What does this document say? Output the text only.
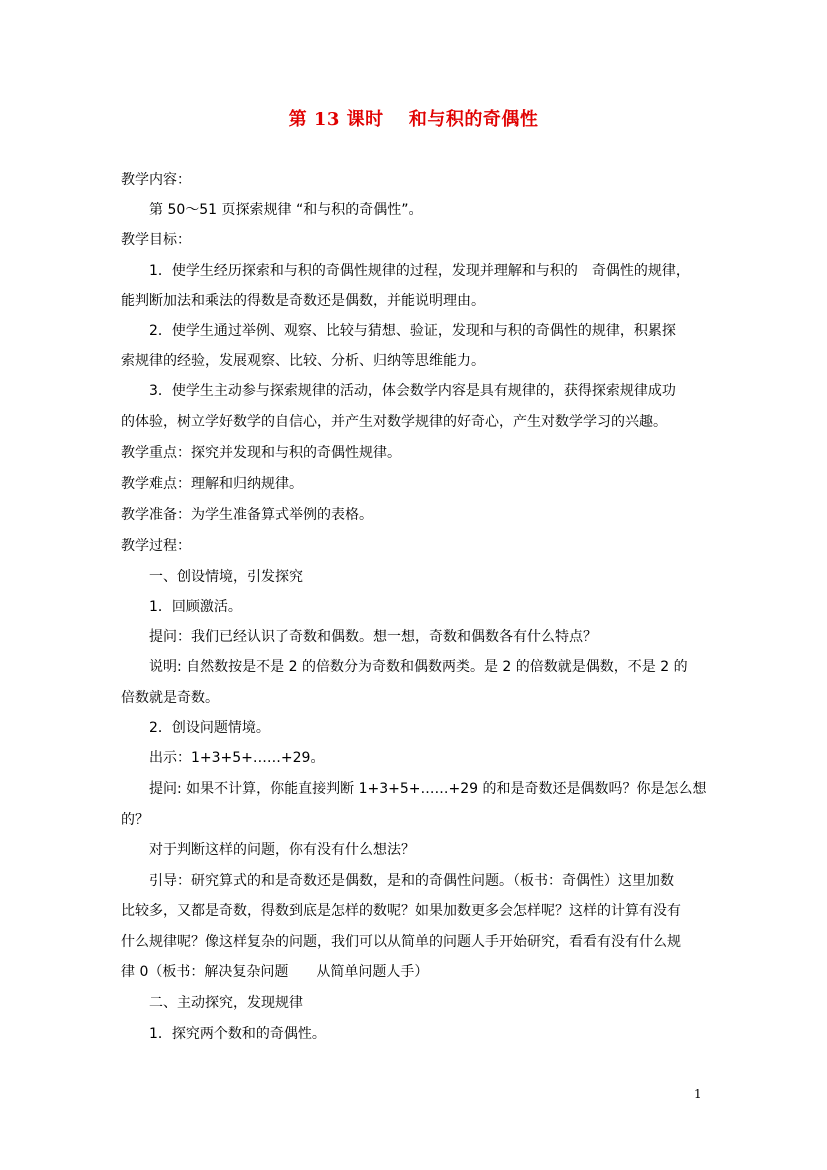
第 13 课时　 和与积的奇偶性
教学内容：
第 50～51 页探索规律 “和与积的奇偶性”。
教学目标：
1．使学生经历探索和与积的奇偶性规律的过程，发现并理解和与积的　奇偶性的规律，
能判断加法和乘法的得数是奇数还是偶数，并能说明理由。
2．使学生通过举例、观察、比较与猜想、验证，发现和与积的奇偶性的规律，积累探
索规律的经验，发展观察、比较、分析、归纳等思维能力。
3．使学生主动参与探索规律的活动，体会数学内容是具有规律的，获得探索规律成功
的体验，树立学好数学的自信心，并产生对数学规律的好奇心，产生对数学学习的兴趣。
教学重点：探究并发现和与积的奇偶性规律。
教学难点：理解和归纳规律。
教学准备：为学生准备算式举例的表格。
教学过程：
一、创设情境，引发探究
1．回顾激活。
提问：我们已经认识了奇数和偶数。想一想，奇数和偶数各有什么特点？
说明: 自然数按是不是 2 的倍数分为奇数和偶数两类。是 2 的倍数就是偶数，不是 2 的
倍数就是奇数。
2．创设问题情境。
出示：1+3+5+……+29。
提问: 如果不计算，你能直接判断 1+3+5+……+29 的和是奇数还是偶数吗？你是怎么想
的？
对于判断这样的问题，你有没有什么想法？
引导：研究算式的和是奇数还是偶数，是和的奇偶性问题。（板书：奇偶性）这里加数
比较多，又都是奇数，得数到底是怎样的数呢？如果加数更多会怎样呢？这样的计算有没有
什么规律呢？像这样复杂的问题，我们可以从简单的问题人手开始研究，看看有没有什么规
律 0（板书：解决复杂问题　　从简单问题人手）
二、主动探究，发现规律
1．探究两个数和的奇偶性。
1
